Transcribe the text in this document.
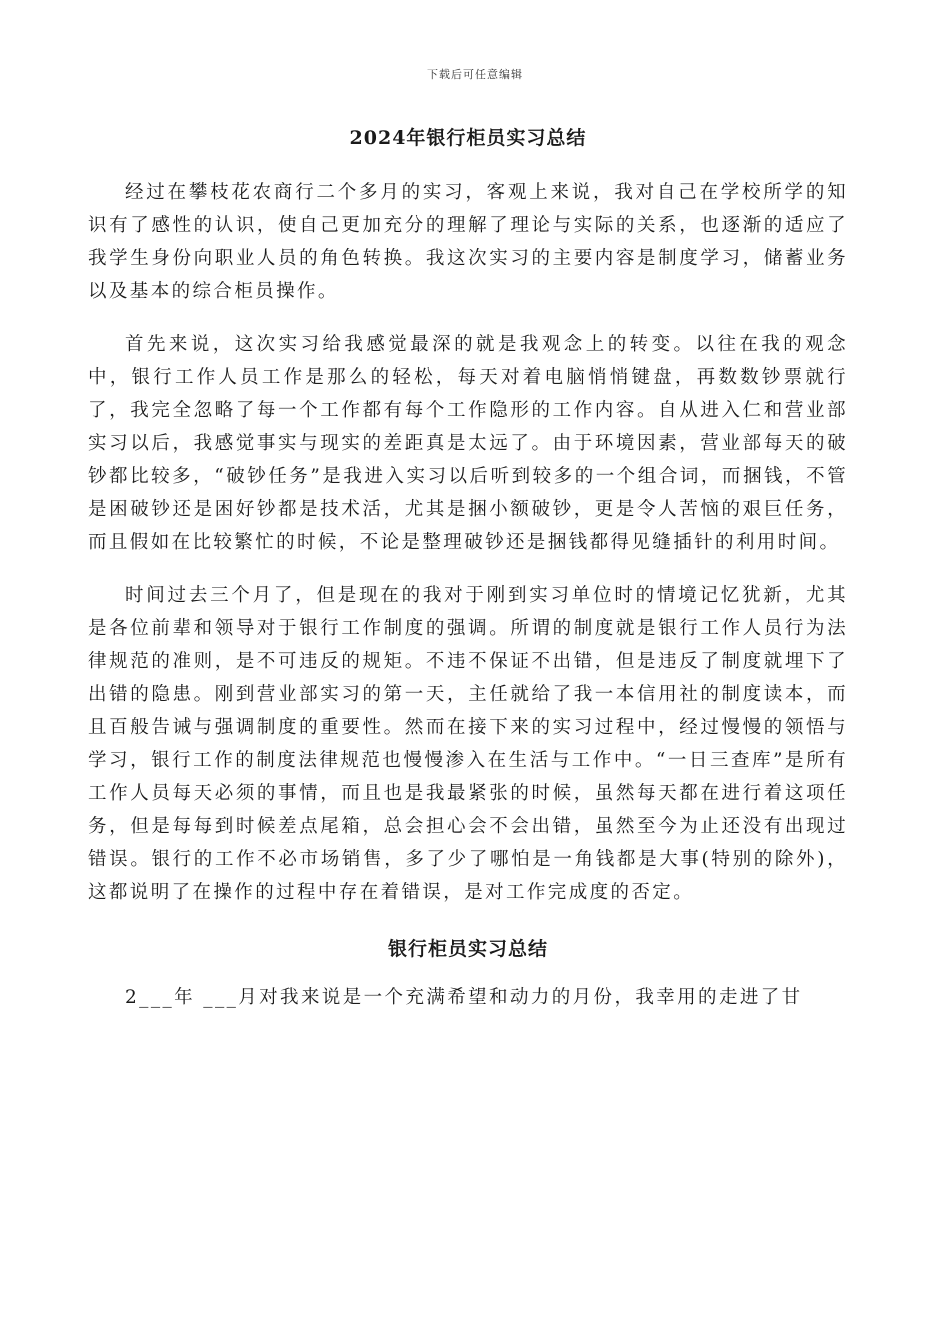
下载后可任意编辑
2024年银行柜员实习总结

经过在攀枝花农商行二个多月的实习，客观上来说，我对自己在学校所学的知识有了感性的认识，使自己更加充分的理解了理论与实际的关系，也逐渐的适应了我学生身份向职业人员的角色转换。我这次实习的主要内容是制度学习，储蓄业务以及基本的综合柜员操作。

首先来说，这次实习给我感觉最深的就是我观念上的转变。以往在我的观念中，银行工作人员工作是那么的轻松，每天对着电脑悄悄键盘，再数数钞票就行了，我完全忽略了每一个工作都有每个工作隐形的工作内容。自从进入仁和营业部实习以后，我感觉事实与现实的差距真是太远了。由于环境因素，营业部每天的破钞都比较多，“破钞任务”是我进入实习以后听到较多的一个组合词，而捆钱，不管是困破钞还是困好钞都是技术活，尤其是捆小额破钞，更是令人苦恼的艰巨任务，而且假如在比较繁忙的时候，不论是整理破钞还是捆钱都得见缝插针的利用时间。

时间过去三个月了，但是现在的我对于刚到实习单位时的情境记忆犹新，尤其是各位前辈和领导对于银行工作制度的强调。所谓的制度就是银行工作人员行为法律规范的准则，是不可违反的规矩。不违不保证不出错，但是违反了制度就埋下了出错的隐患。刚到营业部实习的第一天，主任就给了我一本信用社的制度读本，而且百般告诫与强调制度的重要性。然而在接下来的实习过程中，经过慢慢的领悟与学习，银行工作的制度法律规范也慢慢渗入在生活与工作中。“一日三查库”是所有工作人员每天必须的事情，而且也是我最紧张的时候，虽然每天都在进行着这项任务，但是每每到时候差点尾箱，总会担心会不会出错，虽然至今为止还没有出现过错误。银行的工作不必市场销售，多了少了哪怕是一角钱都是大事(特别的除外)，这都说明了在操作的过程中存在着错误，是对工作完成度的否定。

银行柜员实习总结

2___年 ___月对我来说是一个充满希望和动力的月份，我幸用的走进了甘
